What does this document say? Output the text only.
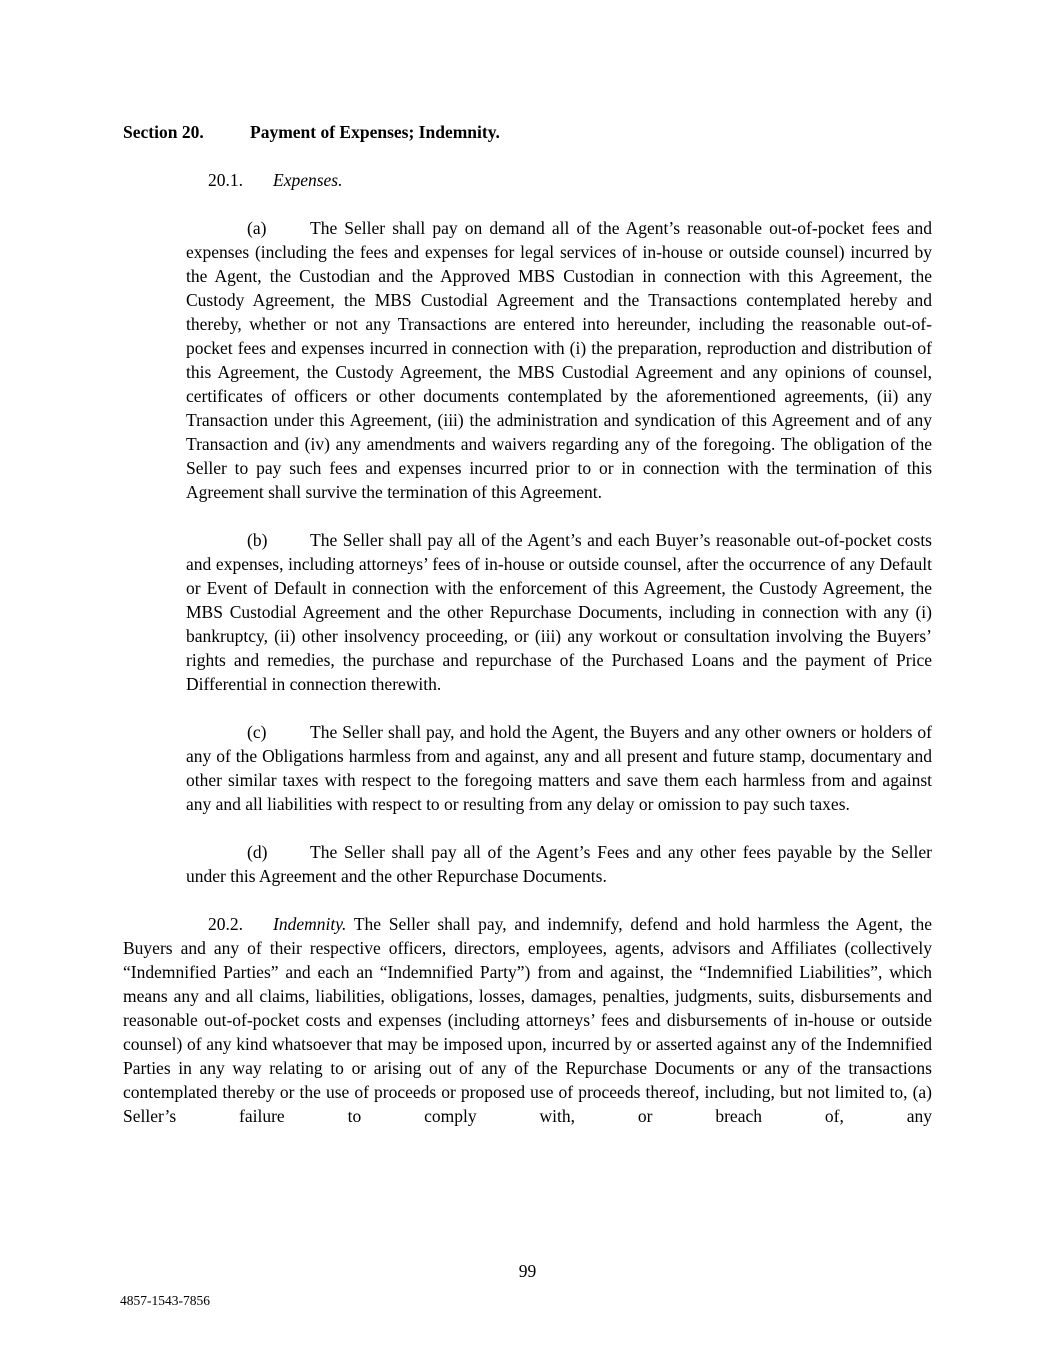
Section 20.	Payment of Expenses; Indemnity.

20.1. Expenses.

(a) The Seller shall pay on demand all of the Agent’s reasonable out-of-pocket fees and expenses (including the fees and expenses for legal services of in-house or outside counsel) incurred by the Agent, the Custodian and the Approved MBS Custodian in connection with this Agreement, the Custody Agreement, the MBS Custodial Agreement and the Transactions contemplated hereby and thereby, whether or not any Transactions are entered into hereunder, including the reasonable out-of-pocket fees and expenses incurred in connection with (i) the preparation, reproduction and distribution of this Agreement, the Custody Agreement, the MBS Custodial Agreement and any opinions of counsel, certificates of officers or other documents contemplated by the aforementioned agreements, (ii) any Transaction under this Agreement, (iii) the administration and syndication of this Agreement and of any Transaction and (iv) any amendments and waivers regarding any of the foregoing. The obligation of the Seller to pay such fees and expenses incurred prior to or in connection with the termination of this Agreement shall survive the termination of this Agreement.

(b) The Seller shall pay all of the Agent’s and each Buyer’s reasonable out-of-pocket costs and expenses, including attorneys’ fees of in-house or outside counsel, after the occurrence of any Default or Event of Default in connection with the enforcement of this Agreement, the Custody Agreement, the MBS Custodial Agreement and the other Repurchase Documents, including in connection with any (i) bankruptcy, (ii) other insolvency proceeding, or (iii) any workout or consultation involving the Buyers’ rights and remedies, the purchase and repurchase of the Purchased Loans and the payment of Price Differential in connection therewith.

(c) The Seller shall pay, and hold the Agent, the Buyers and any other owners or holders of any of the Obligations harmless from and against, any and all present and future stamp, documentary and other similar taxes with respect to the foregoing matters and save them each harmless from and against any and all liabilities with respect to or resulting from any delay or omission to pay such taxes.

(d) The Seller shall pay all of the Agent’s Fees and any other fees payable by the Seller under this Agreement and the other Repurchase Documents.

20.2. Indemnity. The Seller shall pay, and indemnify, defend and hold harmless the Agent, the Buyers and any of their respective officers, directors, employees, agents, advisors and Affiliates (collectively “Indemnified Parties” and each an “Indemnified Party”) from and against, the “Indemnified Liabilities”, which means any and all claims, liabilities, obligations, losses, damages, penalties, judgments, suits, disbursements and reasonable out-of-pocket costs and expenses (including attorneys’ fees and disbursements of in-house or outside counsel) of any kind whatsoever that may be imposed upon, incurred by or asserted against any of the Indemnified Parties in any way relating to or arising out of any of the Repurchase Documents or any of the transactions contemplated thereby or the use of proceeds or proposed use of proceeds thereof, including, but not limited to, (a) Seller’s failure to comply with, or breach of, any

99
4857-1543-7856
